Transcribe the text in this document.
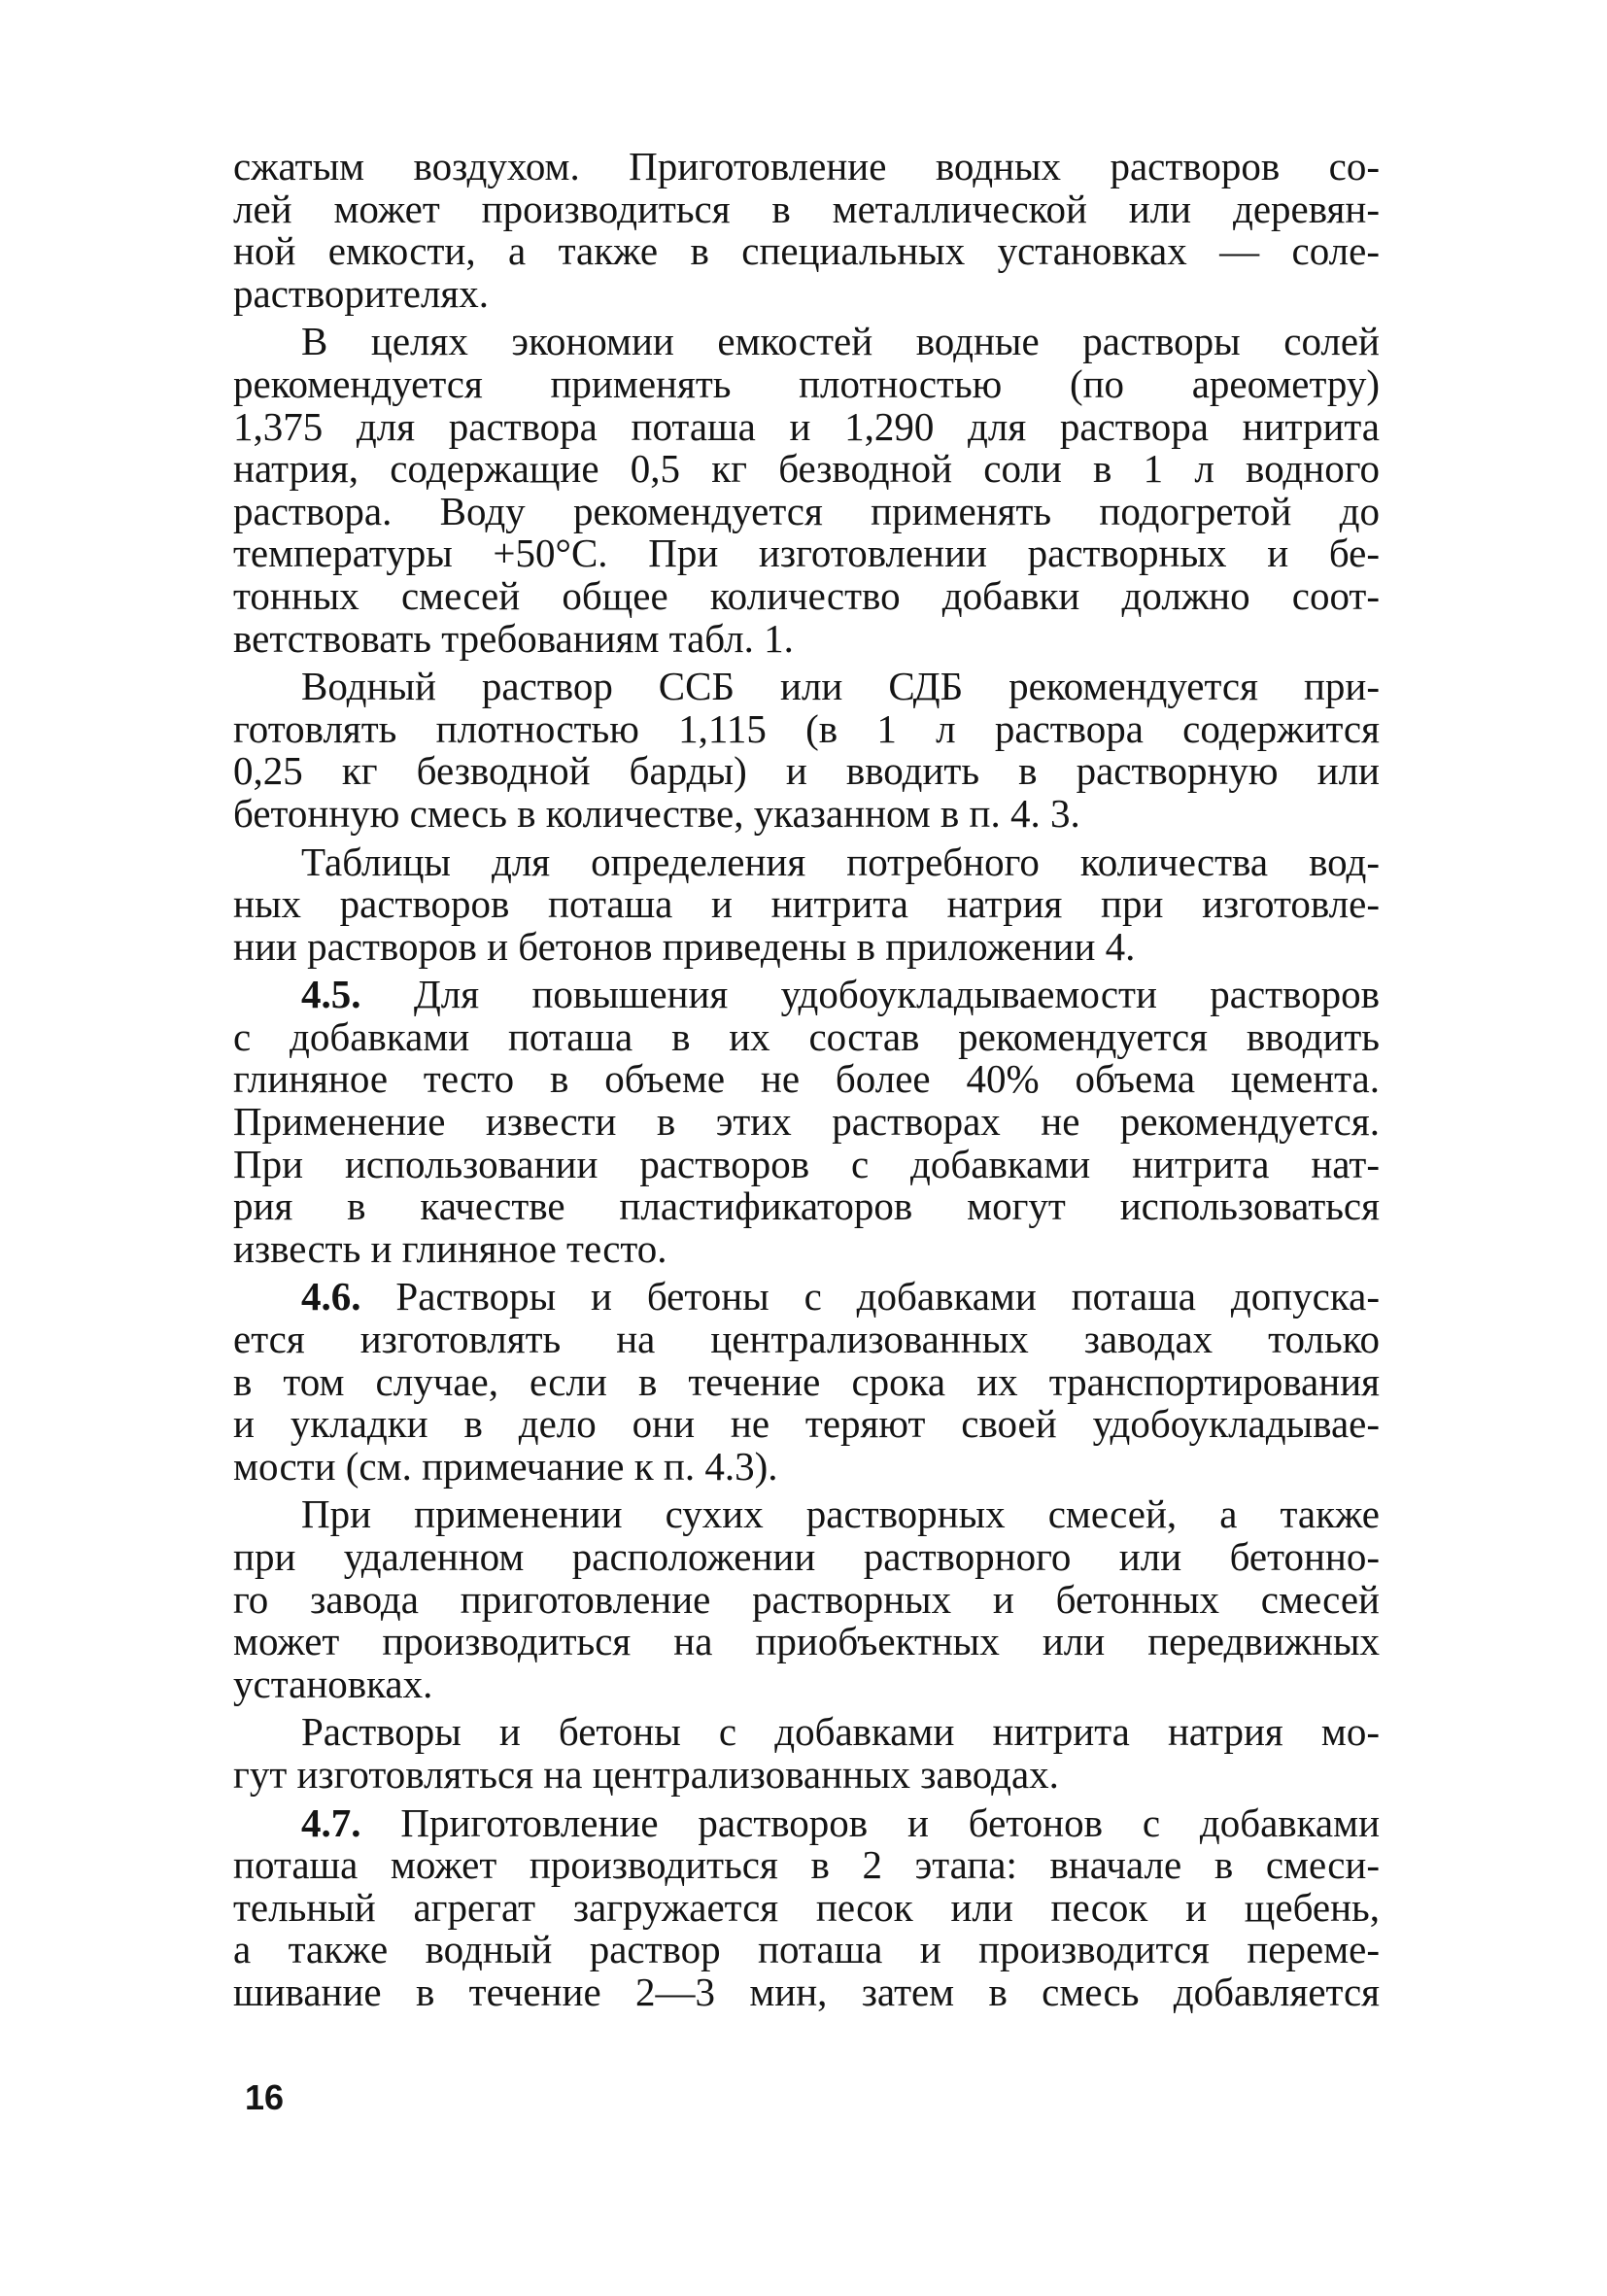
сжатым воздухом. Приготовление водных растворов со-
лей может производиться в металлической или деревян-
ной емкости, а также в специальных установках — соле-
растворителях.

В целях экономии емкостей водные растворы солей
рекомендуется применять плотностью (по ареометру)
1,375 для раствора поташа и 1,290 для раствора нитрита
натрия, содержащие 0,5 кг безводной соли в 1 л водного
раствора. Воду рекомендуется применять подогретой до
температуры +50°С. При изготовлении растворных и бе-
тонных смесей общее количество добавки должно соот-
ветствовать требованиям табл. 1.

Водный раствор ССБ или СДБ рекомендуется при-
готовлять плотностью 1,115 (в 1 л раствора содержится
0,25 кг безводной барды) и вводить в растворную или
бетонную смесь в количестве, указанном в п. 4. 3.

Таблицы для определения потребного количества вод-
ных растворов поташа и нитрита натрия при изготовле-
нии растворов и бетонов приведены в приложении 4.

4.5. Для повышения удобоукладываемости растворов
с добавками поташа в их состав рекомендуется вводить
глиняное тесто в объеме не более 40% объема цемента.
Применение извести в этих растворах не рекомендуется.
При использовании растворов с добавками нитрита нат-
рия в качестве пластификаторов могут использоваться
известь и глиняное тесто.

4.6. Растворы и бетоны с добавками поташа допуска-
ется изготовлять на централизованных заводах только
в том случае, если в течение срока их транспортирования
и укладки в дело они не теряют своей удобоукладывае-
мости (см. примечание к п. 4.3).

При применении сухих растворных смесей, а также
при удаленном расположении растворного или бетонно-
го завода приготовление растворных и бетонных смесей
может производиться на приобъектных или передвижных
установках.

Растворы и бетоны с добавками нитрита натрия мо-
гут изготовляться на централизованных заводах.

4.7. Приготовление растворов и бетонов с добавками
поташа может производиться в 2 этапа: вначале в смеси-
тельный агрегат загружается песок или песок и щебень,
а также водный раствор поташа и производится переме-
шивание в течение 2—3 мин, затем в смесь добавляется

16
